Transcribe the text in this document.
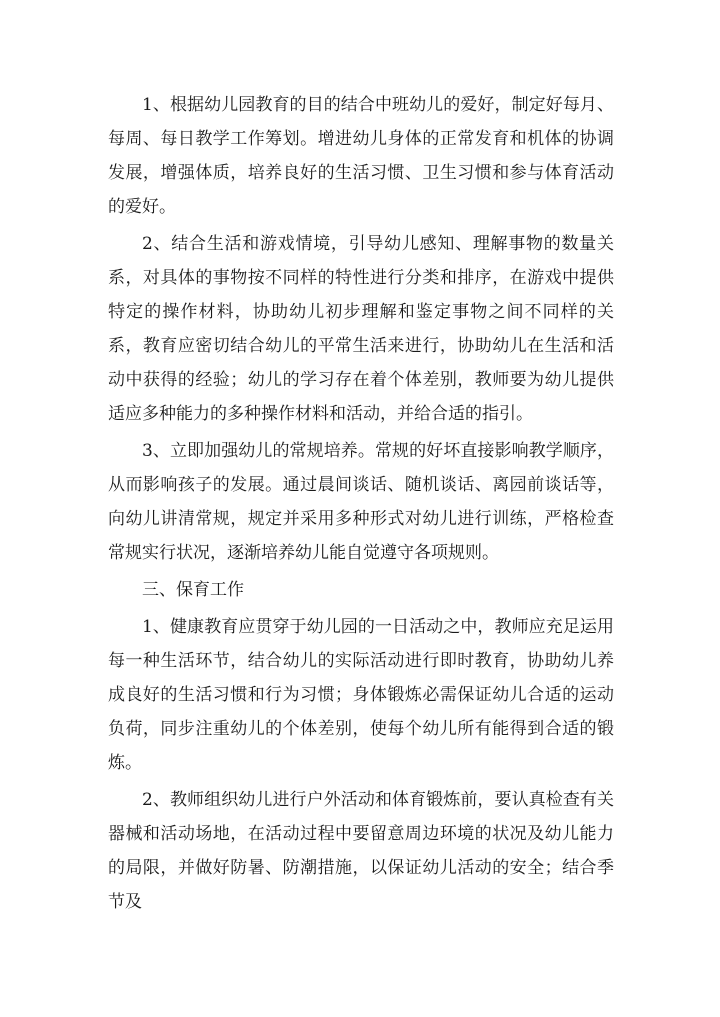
1、根据幼儿园教育的目的结合中班幼儿的爱好，制定好每月、每周、每日教学工作筹划。增进幼儿身体的正常发育和机体的协调发展，增强体质，培养良好的生活习惯、卫生习惯和参与体育活动的爱好。

2、结合生活和游戏情境，引导幼儿感知、理解事物的数量关系，对具体的事物按不同样的特性进行分类和排序，在游戏中提供特定的操作材料，协助幼儿初步理解和鉴定事物之间不同样的关系，教育应密切结合幼儿的平常生活来进行，协助幼儿在生活和活动中获得的经验；幼儿的学习存在着个体差别，教师要为幼儿提供适应多种能力的多种操作材料和活动，并给合适的指引。

3、立即加强幼儿的常规培养。常规的好坏直接影响教学顺序，从而影响孩子的发展。通过晨间谈话、随机谈话、离园前谈话等，向幼儿讲清常规，规定并采用多种形式对幼儿进行训练，严格检查常规实行状况，逐渐培养幼儿能自觉遵守各项规则。

三、保育工作

1、健康教育应贯穿于幼儿园的一日活动之中，教师应充足运用每一种生活环节，结合幼儿的实际活动进行即时教育，协助幼儿养成良好的生活习惯和行为习惯；身体锻炼必需保证幼儿合适的运动负荷，同步注重幼儿的个体差别，使每个幼儿所有能得到合适的锻炼。

2、教师组织幼儿进行户外活动和体育锻炼前，要认真检查有关器械和活动场地，在活动过程中要留意周边环境的状况及幼儿能力的局限，并做好防暑、防潮措施，以保证幼儿活动的安全；结合季节及
